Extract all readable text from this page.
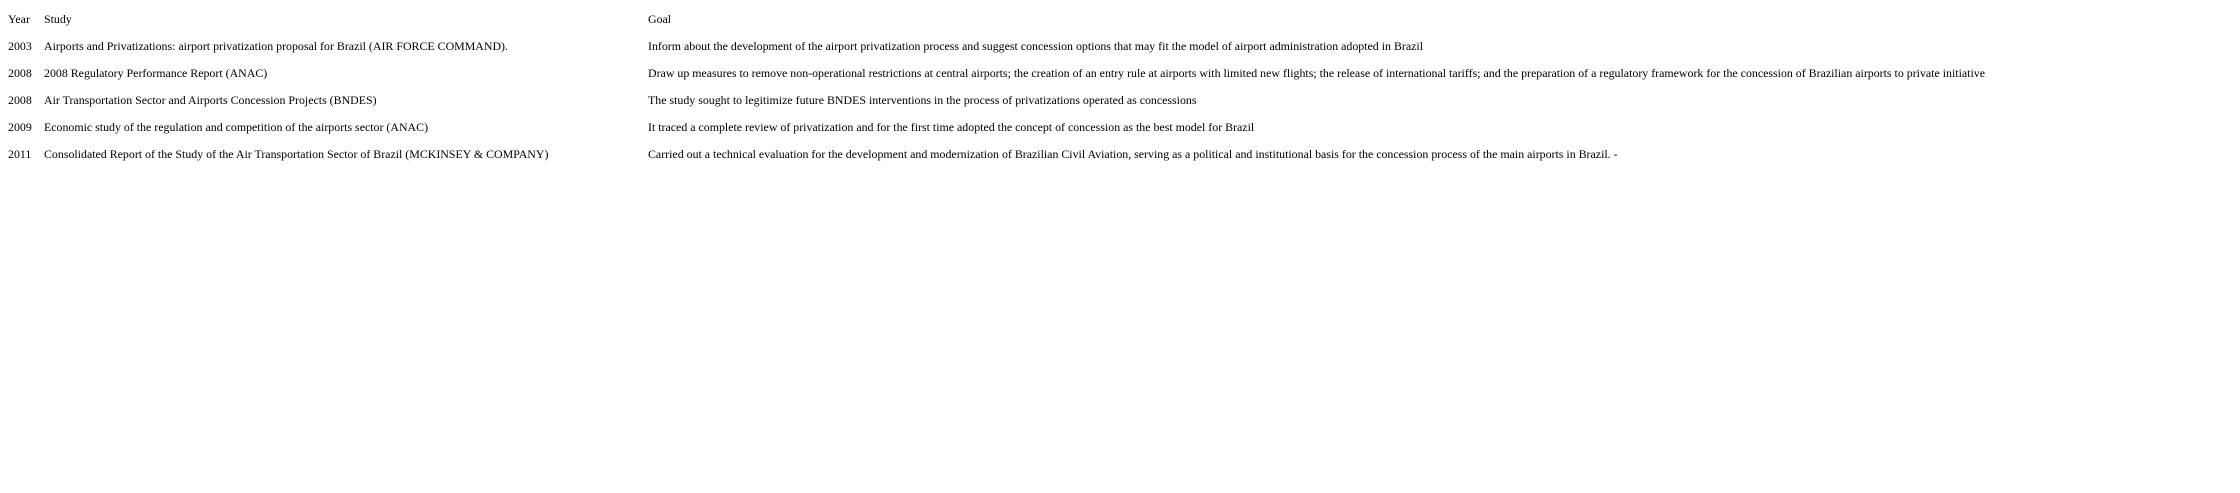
Year	Study	Goal
2003	Airports and Privatizations: airport privatization proposal for Brazil (AIR FORCE COMMAND).	Inform about the development of the airport privatization process and suggest concession options that may fit the model of airport administration adopted in Brazil
2008	2008 Regulatory Performance Report (ANAC)	Draw up measures to remove non-operational restrictions at central airports; the creation of an entry rule at airports with limited new flights; the release of international tariffs; and the preparation of a regulatory framework for the concession of Brazilian airports to private initiative
2008	Air Transportation Sector and Airports Concession Projects (BNDES)	The study sought to legitimize future BNDES interventions in the process of privatizations operated as concessions
2009	Economic study of the regulation and competition of the airports sector (ANAC)	It traced a complete review of privatization and for the first time adopted the concept of concession as the best model for Brazil
2011	Consolidated Report of the Study of the Air Transportation Sector of Brazil (MCKINSEY & COMPANY)	Carried out a technical evaluation for the development and modernization of Brazilian Civil Aviation, serving as a political and institutional basis for the concession process of the main airports in Brazil. -
